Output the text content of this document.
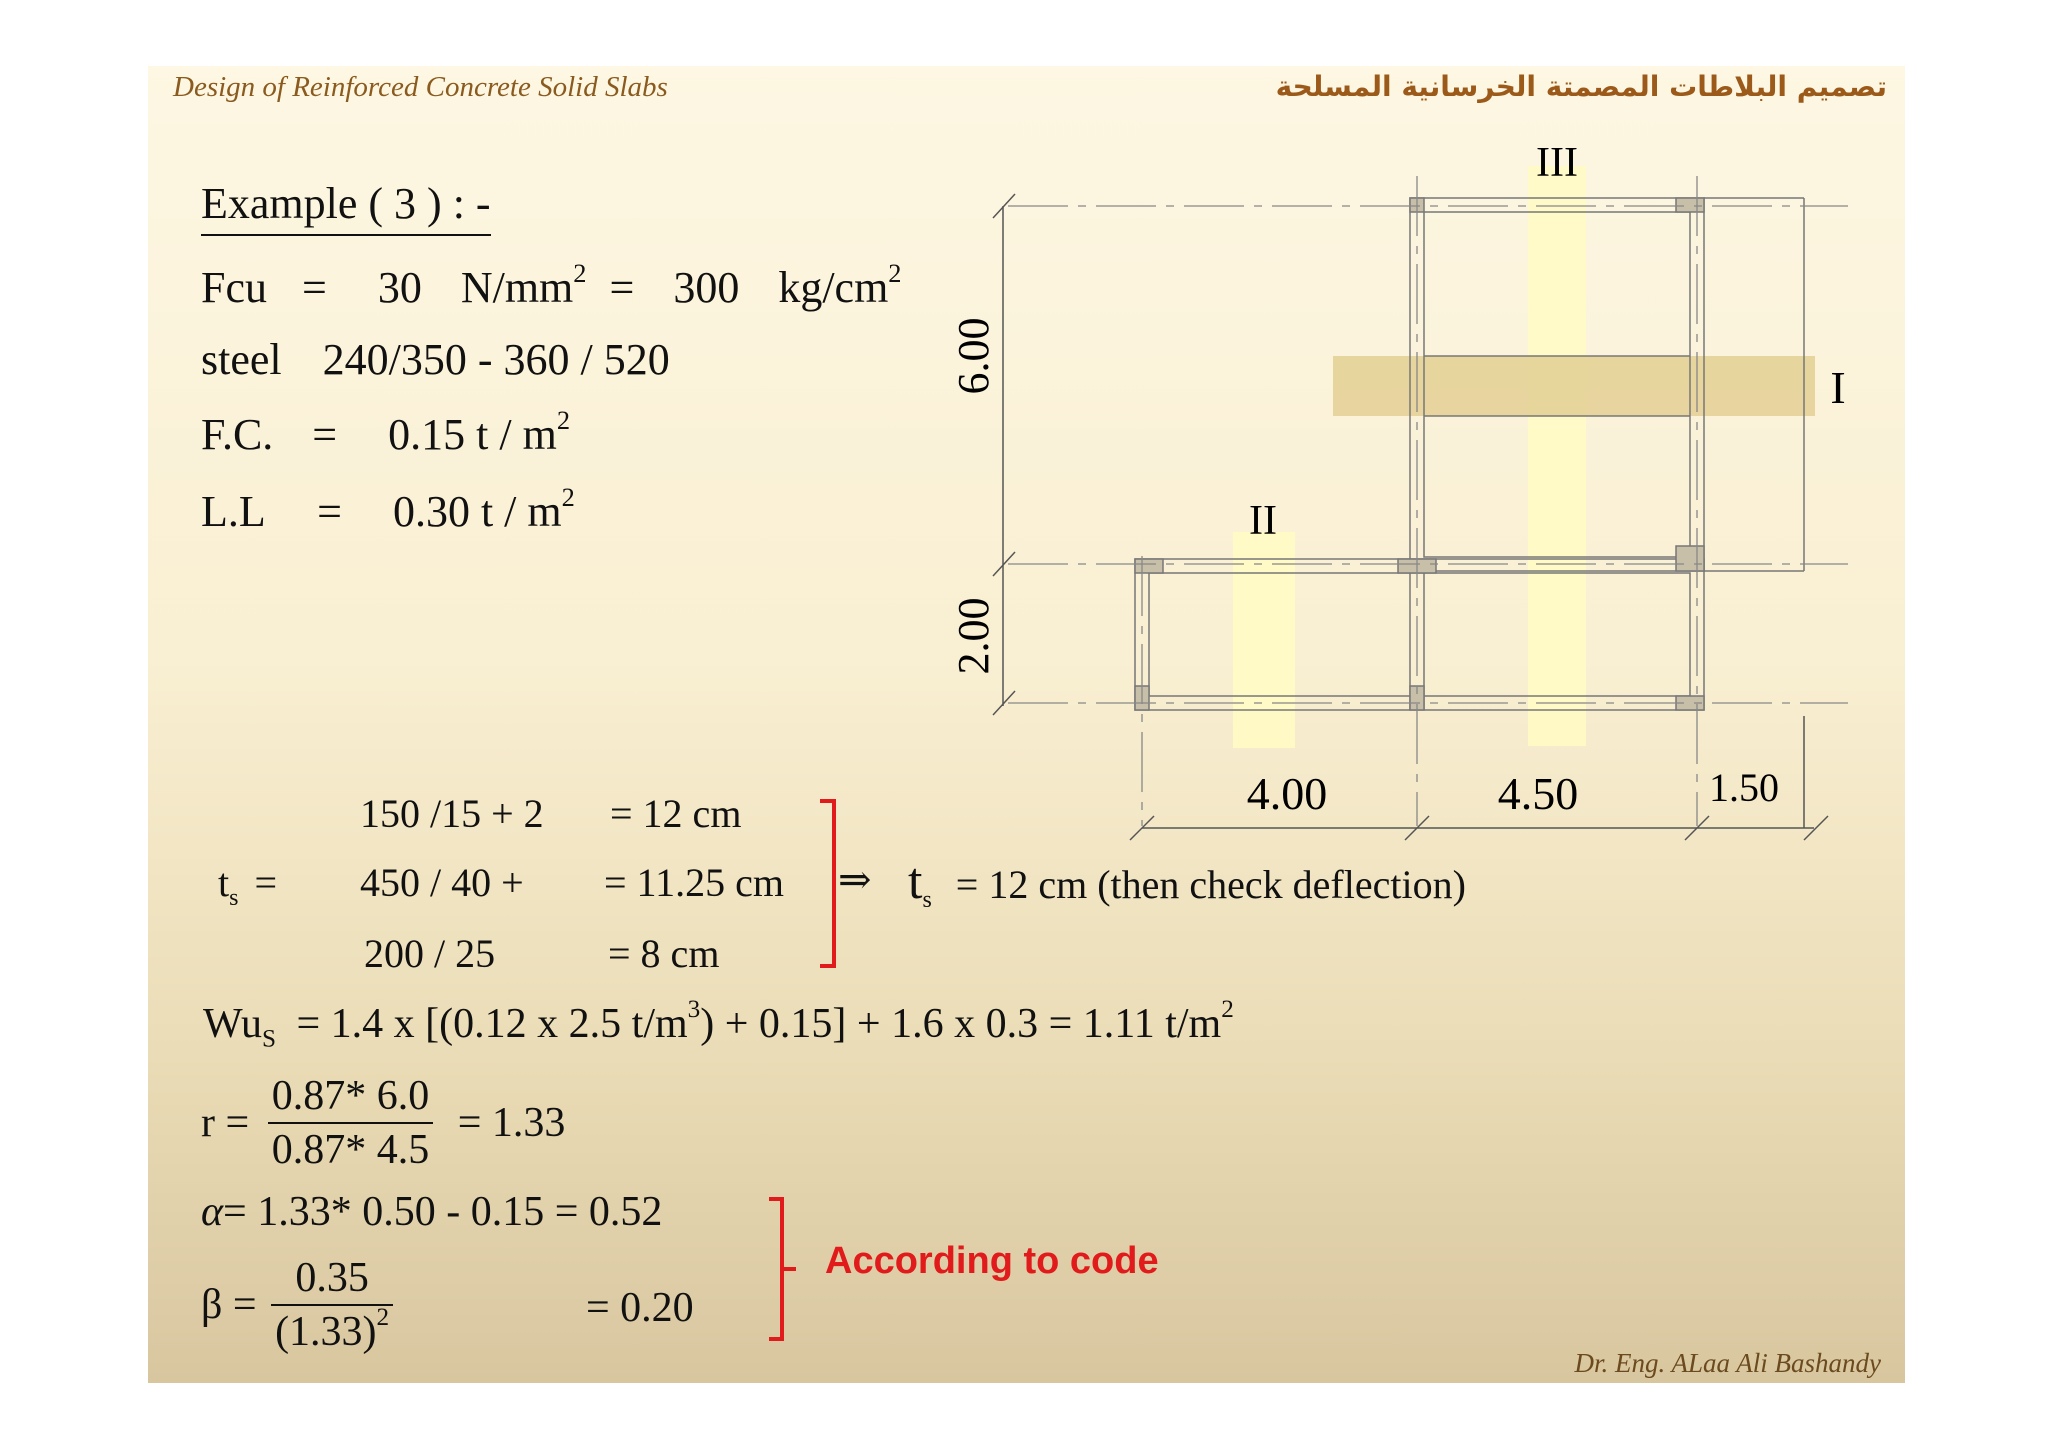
Design of Reinforced Concrete Solid Slabs	تصميم البلاطات المصمتة الخرسانية المسلحة
Example ( 3 ) : -
Fcu = 30 $N/mm^2 = 300$ $kg/cm^2$
steel 240/350 - 360 / 520
F.C. = 0.15 t / $m^2$
L.L = 0.30 t / $m^2$
6.00
2.00
4.00	4.50	1.50
I
II
III
150 /15 + 2 = 12 cm
$t_s = 450 / 40$ + = 11.25 cm
200 / 25	= 8 cm
⇒ $t_s = 12$ cm (then check deflection)
$Wu_S = 1.4$ x [(0.12 x 2.5 $t/m^3) + 0.15] + 1.6$ x 0.3 = 1.11 $t/m^2$
$r = \frac{0.87* 6.0}{0.87* 4.5} = 1.33$
α= 1.33* 0.50 - 0.15 = 0.52
$\beta = \frac{0.35}{(1.33)^2}$	= 0.20
According to code
Dr. Eng. ALaa Ali Bashandy
